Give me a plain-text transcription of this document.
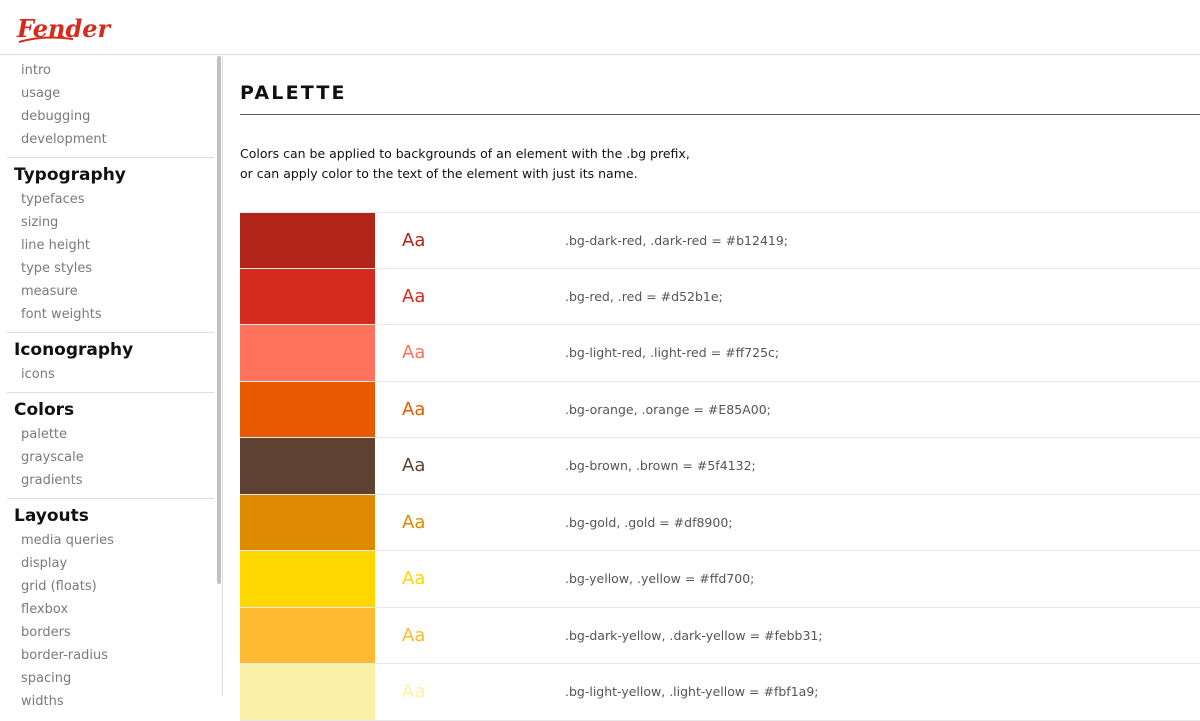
Fender
intro
usage
debugging
development
Typography
typefaces
sizing
line height
type styles
measure
font weights
Iconography
icons
Colors
palette
grayscale
gradients
Layouts
media queries
display
grid (floats)
flexbox
borders
border-radius
spacing
widths
PALETTE

Colors can be applied to backgrounds of an element with the .bg prefix,

or can apply color to the text of the element with just its name.

Aa	.bg-dark-red, .dark-red = #b12419;
Aa	.bg-red, .red = #d52b1e;
Aa	.bg-light-red, .light-red = #ff725c;
Aa	.bg-orange, .orange = #E85A00;
Aa	.bg-brown, .brown = #5f4132;
Aa	.bg-gold, .gold = #df8900;
Aa	.bg-yellow, .yellow = #ffd700;
Aa	.bg-dark-yellow, .dark-yellow = #febb31;
Aa	.bg-light-yellow, .light-yellow = #fbf1a9;
